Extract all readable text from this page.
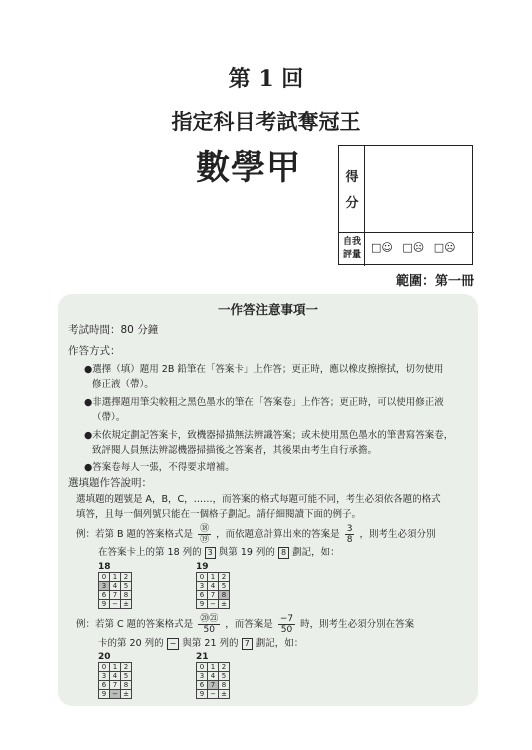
第 1 回
指定科目考試奪冠王
數學甲	得
分
自我
評量
□☺ □☹ □☹
範圍：第一冊
一作答注意事項一
考試時間：80 分鐘
作答方式：
●選擇（填）題用 2B 鉛筆在「答案卡」上作答；更正時，應以橡皮擦擦拭，切勿使用
修正液（帶）。
●非選擇題用筆尖較粗之黑色墨水的筆在「答案卷」上作答；更正時，可以使用修正液
（帶）。
●未依規定劃記答案卡，致機器掃描無法辨識答案；或未使用黑色墨水的筆書寫答案卷，
致評閱人員無法辨認機器掃描後之答案者，其後果由考生自行承擔。
●答案卷每人一張，不得要求增補。
選填題作答說明：
選填題的題號是 A，B，C，……，而答案的格式每題可能不同，考生必須依各題的格式
填答，且每一個列號只能在一個格子劃記。請仔細閱讀下面的例子。
例：若第 B 題的答案格式是 $\frac{\text{⑱}}{\text{⑲}}$ ，而依題意計算出來的答案是 $\frac{3}{8}$ ，則考生必須分別
在答案卡上的第 18 列的 3 與第 19 列的 8 劃記，如：
18
0	1	2
3	4	5
6	7	8
9	−	±
19
0	1	2
3	4	5
6	7	8
9	−	±
例：若第 C 題的答案格式是 $\frac{\text{⑳㉑}}{50}$ ，而答案是 $\frac{-7}{50}$ 時，則考生必須分別在答案
卡的第 20 列的 − 與第 21 列的 7 劃記，如：
20
0	1	2
3	4	5
6	7	8
9	−	±
21
0	1	2
3	4	5
6	7	8
9	−	±
